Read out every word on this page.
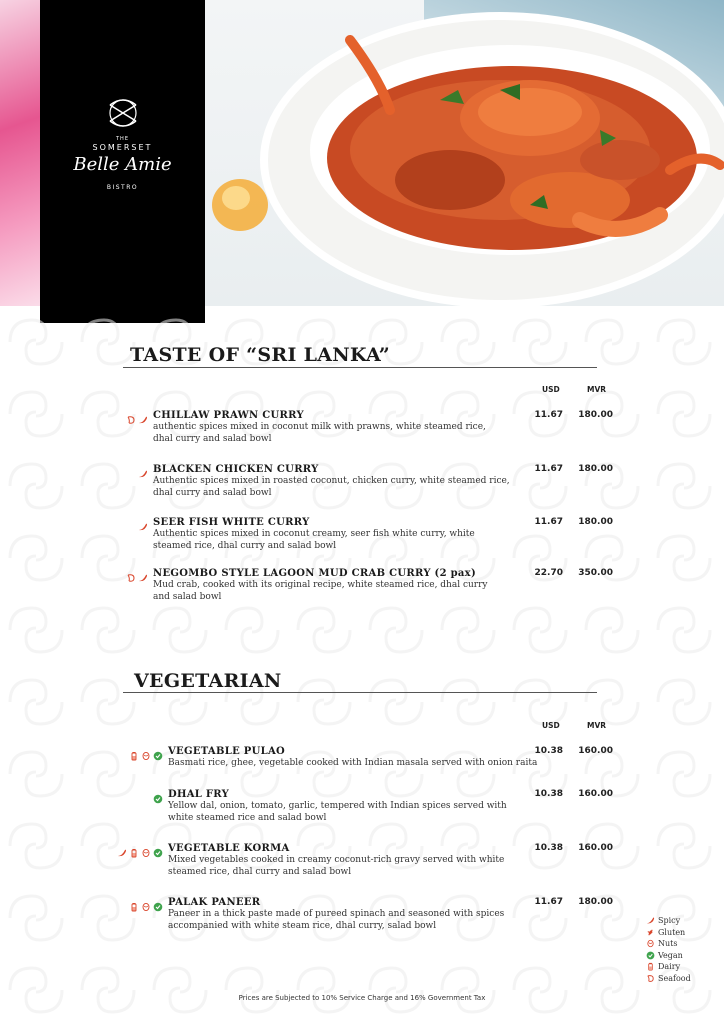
THE
SOMERSET
Belle Amie
BISTRO
TASTE OF “SRI LANKA”
USD	MVR
CHILLAW PRAWN CURRY
authentic spices mixed in coconut milk with prawns, white steamed rice,
dhal curry and salad bowl
11.67	180.00
BLACKEN CHICKEN CURRY
Authentic spices mixed in roasted coconut, chicken curry, white steamed rice,
dhal curry and salad bowl
11.67	180.00
SEER FISH WHITE CURRY
Authentic spices mixed in coconut creamy, seer fish white curry, white
steamed rice, dhal curry and salad bowl
11.67	180.00
NEGOMBO STYLE LAGOON MUD CRAB CURRY (2 pax)
Mud crab, cooked with its original recipe, white steamed rice, dhal curry
and salad bowl
22.70	350.00
VEGETARIAN
USD	MVR
VEGETABLE PULAO
Basmati rice, ghee, vegetable cooked with Indian masala served with onion raita
10.38	160.00
DHAL FRY
Yellow dal, onion, tomato, garlic, tempered with Indian spices served with
white steamed rice and salad bowl
10.38	160.00
VEGETABLE KORMA
Mixed vegetables cooked in creamy coconut-rich gravy served with white
steamed rice, dhal curry and salad bowl
10.38	160.00
PALAK PANEER
Paneer in a thick paste made of pureed spinach and seasoned with spices
accompanied with white steam rice, dhal curry, salad bowl
11.67	180.00
Spicy
Gluten
Nuts
Vegan
Dairy
Seafood
Prices are Subjected to 10% Service Charge and 16% Government Tax
